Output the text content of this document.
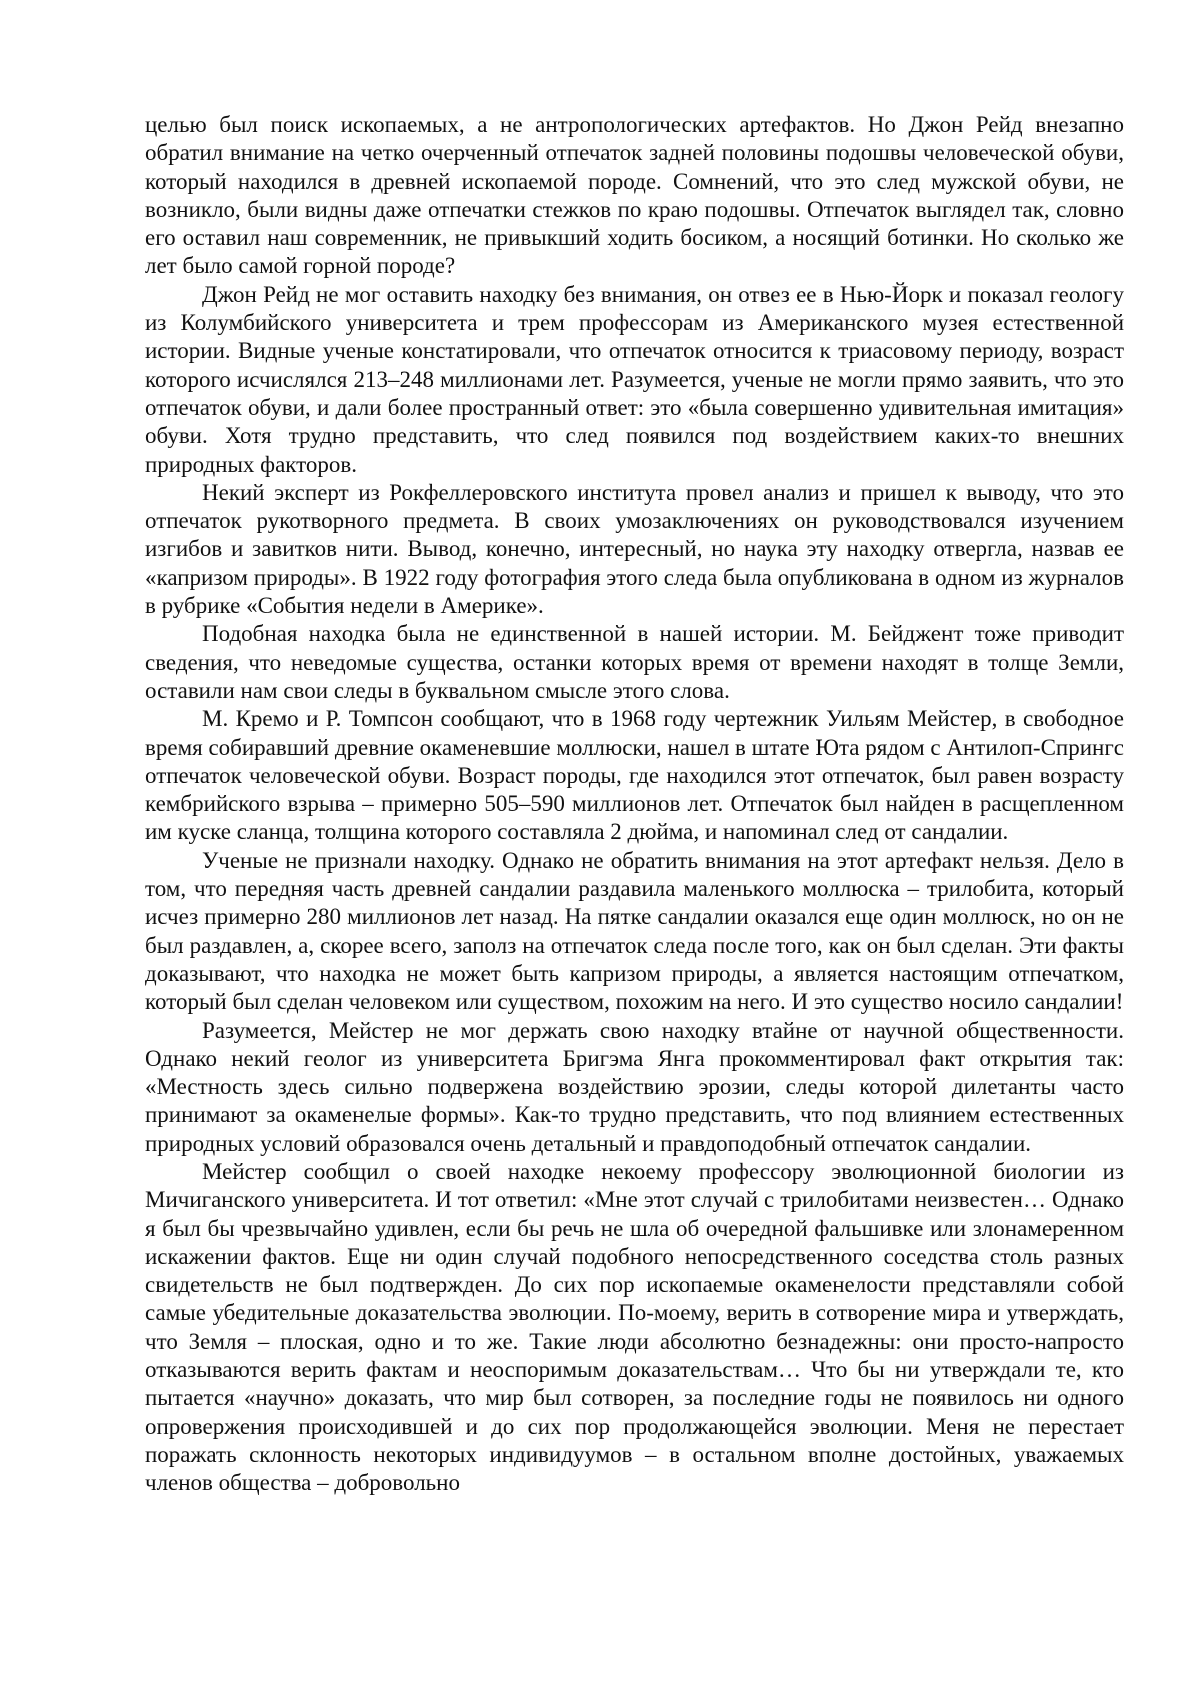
целью был поиск ископаемых, а не антропологических артефактов. Но Джон Рейд внезапно обратил внимание на четко очерченный отпечаток задней половины подошвы человеческой обуви, который находился в древней ископаемой породе. Сомнений, что это след мужской обуви, не возникло, были видны даже отпечатки стежков по краю подошвы. Отпечаток выглядел так, словно его оставил наш современник, не привыкший ходить босиком, а носящий ботинки. Но сколько же лет было самой горной породе?

Джон Рейд не мог оставить находку без внимания, он отвез ее в Нью-Йорк и показал геологу из Колумбийского университета и трем профессорам из Американского музея естественной истории. Видные ученые констатировали, что отпечаток относится к триасовому периоду, возраст которого исчислялся 213–248 миллионами лет. Разумеется, ученые не могли прямо заявить, что это отпечаток обуви, и дали более пространный ответ: это «была совершенно удивительная имитация» обуви. Хотя трудно представить, что след появился под воздействием каких-то внешних природных факторов.

Некий эксперт из Рокфеллеровского института провел анализ и пришел к выводу, что это отпечаток рукотворного предмета. В своих умозаключениях он руководствовался изучением изгибов и завитков нити. Вывод, конечно, интересный, но наука эту находку отвергла, назвав ее «капризом природы». В 1922 году фотография этого следа была опубликована в одном из журналов в рубрике «События недели в Америке».

Подобная находка была не единственной в нашей истории. М. Бейджент тоже приводит сведения, что неведомые существа, останки которых время от времени находят в толще Земли, оставили нам свои следы в буквальном смысле этого слова.

М. Кремо и Р. Томпсон сообщают, что в 1968 году чертежник Уильям Мейстер, в свободное время собиравший древние окаменевшие моллюски, нашел в штате Юта рядом с Антилоп-Спрингс отпечаток человеческой обуви. Возраст породы, где находился этот отпечаток, был равен возрасту кембрийского взрыва – примерно 505–590 миллионов лет. Отпечаток был найден в расщепленном им куске сланца, толщина которого составляла 2 дюйма, и напоминал след от сандалии.

Ученые не признали находку. Однако не обратить внимания на этот артефакт нельзя. Дело в том, что передняя часть древней сандалии раздавила маленького моллюска – трилобита, который исчез примерно 280 миллионов лет назад. На пятке сандалии оказался еще один моллюск, но он не был раздавлен, а, скорее всего, заполз на отпечаток следа после того, как он был сделан. Эти факты доказывают, что находка не может быть капризом природы, а является настоящим отпечатком, который был сделан человеком или существом, похожим на него. И это существо носило сандалии!

Разумеется, Мейстер не мог держать свою находку втайне от научной общественности. Однако некий геолог из университета Бригэма Янга прокомментировал факт открытия так: «Местность здесь сильно подвержена воздействию эрозии, следы которой дилетанты часто принимают за окаменелые формы». Как-то трудно представить, что под влиянием естественных природных условий образовался очень детальный и правдоподобный отпечаток сандалии.

Мейстер сообщил о своей находке некоему профессору эволюционной биологии из Мичиганского университета. И тот ответил: «Мне этот случай с трилобитами неизвестен… Однако я был бы чрезвычайно удивлен, если бы речь не шла об очередной фальшивке или злонамеренном искажении фактов. Еще ни один случай подобного непосредственного соседства столь разных свидетельств не был подтвержден. До сих пор ископаемые окаменелости представляли собой самые убедительные доказательства эволюции. По-моему, верить в сотворение мира и утверждать, что Земля – плоская, одно и то же. Такие люди абсолютно безнадежны: они просто-напросто отказываются верить фактам и неоспоримым доказательствам… Что бы ни утверждали те, кто пытается «научно» доказать, что мир был сотворен, за последние годы не появилось ни одного опровержения происходившей и до сих пор продолжающейся эволюции. Меня не перестает поражать склонность некоторых индивидуумов – в остальном вполне достойных, уважаемых членов общества – добровольно
